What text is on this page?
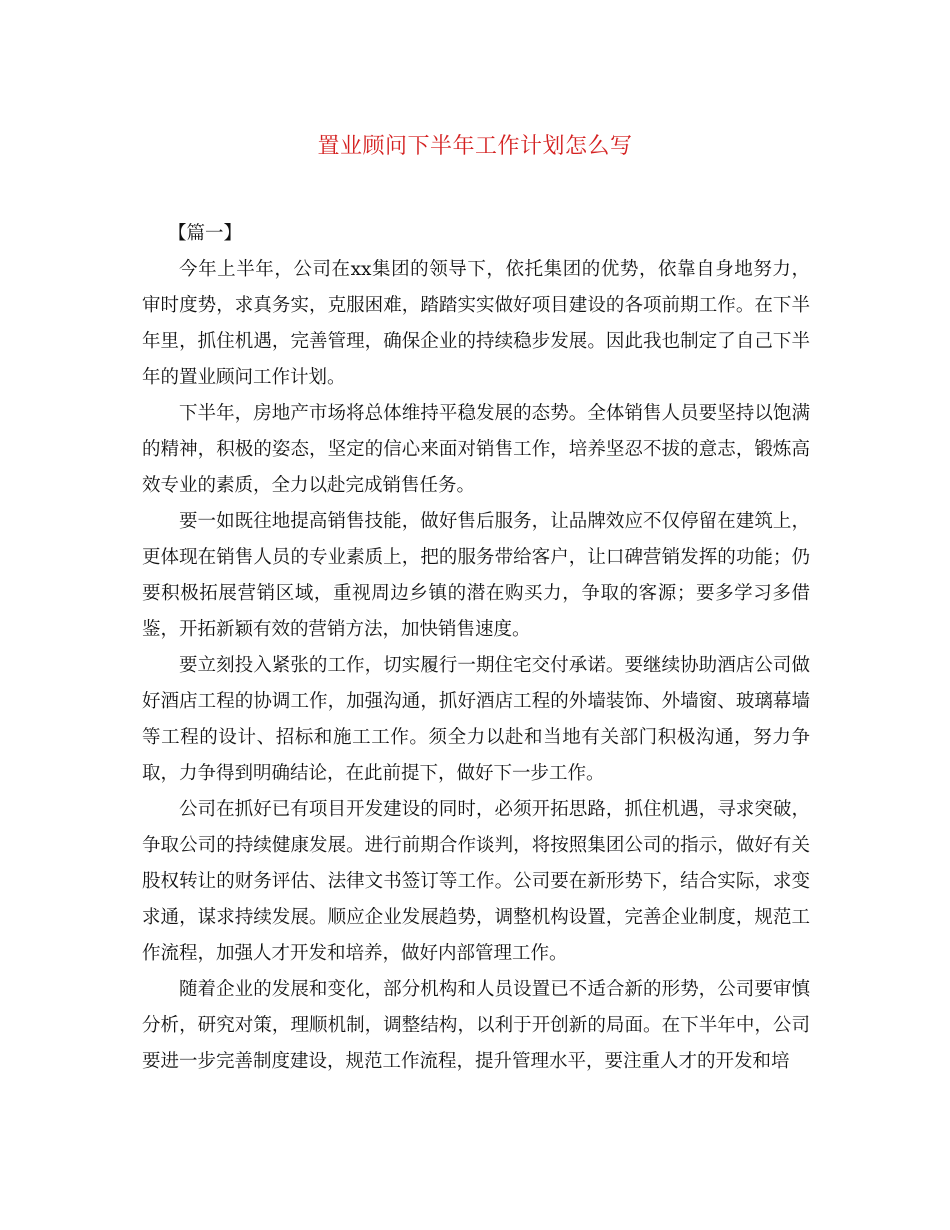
置业顾问下半年工作计划怎么写

【篇一】

今年上半年，公司在xx集团的领导下，依托集团的优势，依靠自身地努力，审时度势，求真务实，克服困难，踏踏实实做好项目建设的各项前期工作。在下半年里，抓住机遇，完善管理，确保企业的持续稳步发展。因此我也制定了自己下半年的置业顾问工作计划。

下半年，房地产市场将总体维持平稳发展的态势。全体销售人员要坚持以饱满的精神，积极的姿态，坚定的信心来面对销售工作，培养坚忍不拔的意志，锻炼高效专业的素质，全力以赴完成销售任务。

要一如既往地提高销售技能，做好售后服务，让品牌效应不仅停留在建筑上，更体现在销售人员的专业素质上，把的服务带给客户，让口碑营销发挥的功能；仍要积极拓展营销区域，重视周边乡镇的潜在购买力，争取的客源；要多学习多借鉴，开拓新颖有效的营销方法，加快销售速度。

要立刻投入紧张的工作，切实履行一期住宅交付承诺。要继续协助酒店公司做好酒店工程的协调工作，加强沟通，抓好酒店工程的外墙装饰、外墙窗、玻璃幕墙等工程的设计、招标和施工工作。须全力以赴和当地有关部门积极沟通，努力争取，力争得到明确结论，在此前提下，做好下一步工作。

公司在抓好已有项目开发建设的同时，必须开拓思路，抓住机遇，寻求突破，争取公司的持续健康发展。进行前期合作谈判，将按照集团公司的指示，做好有关股权转让的财务评估、法律文书签订等工作。公司要在新形势下，结合实际，求变求通，谋求持续发展。顺应企业发展趋势，调整机构设置，完善企业制度，规范工作流程，加强人才开发和培养，做好内部管理工作。

随着企业的发展和变化，部分机构和人员设置已不适合新的形势，公司要审慎分析，研究对策，理顺机制，调整结构，以利于开创新的局面。在下半年中，公司要进一步完善制度建设，规范工作流程，提升管理水平，要注重人才的开发和培
